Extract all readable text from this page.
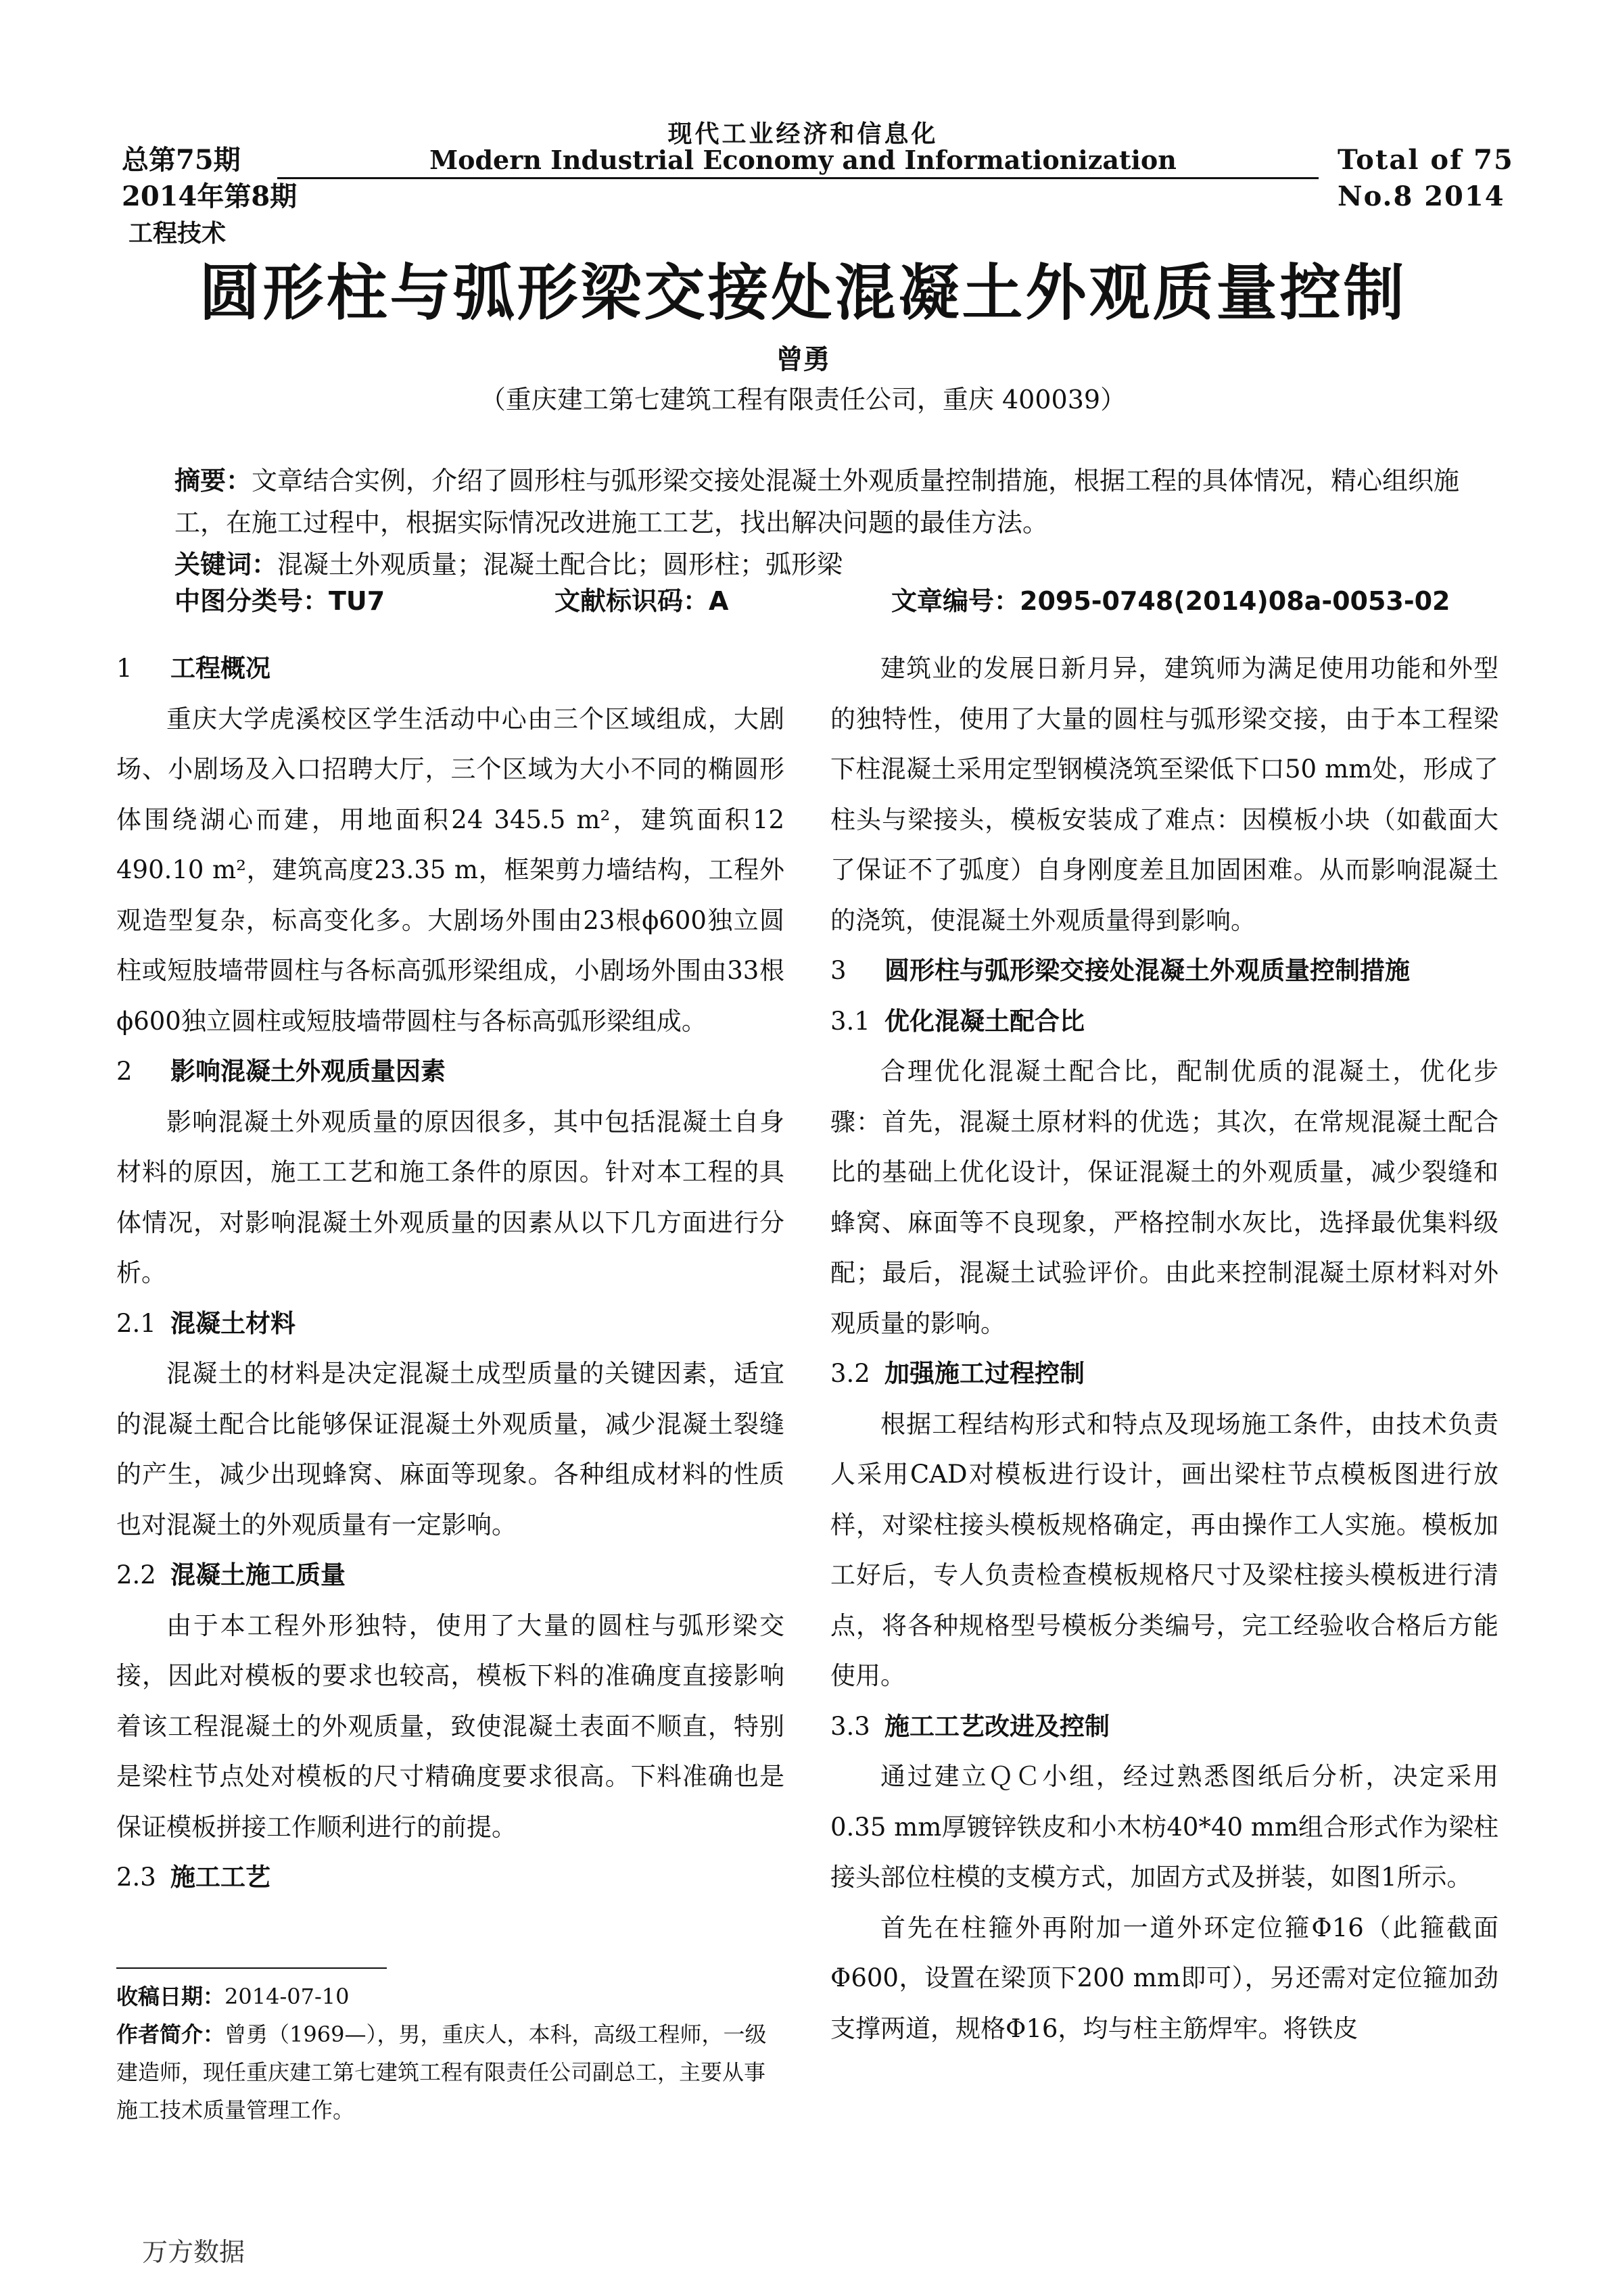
现代工业经济和信息化
Modern Industrial Economy and Informationization
总第75期
2014年第8期
工程技术
Total of 75
No.8 2014
圆形柱与弧形梁交接处混凝土外观质量控制
曾勇
（重庆建工第七建筑工程有限责任公司，重庆 400039）
摘要：文章结合实例，介绍了圆形柱与弧形梁交接处混凝土外观质量控制措施，根据工程的具体情况，精心组织施工，在施工过程中，根据实际情况改进施工工艺，找出解决问题的最佳方法。
关键词：混凝土外观质量；混凝土配合比；圆形柱；弧形梁
中图分类号：TU7	文献标识码：A	文章编号：2095-0748(2014)08a-0053-02
1 工程概况

重庆大学虎溪校区学生活动中心由三个区域组成，大剧场、小剧场及入口招聘大厅，三个区域为大小不同的椭圆形体围绕湖心而建，用地面积24 345.5 m²，建筑面积12 490.10 m²，建筑高度23.35 m，框架剪力墙结构，工程外观造型复杂，标高变化多。大剧场外围由23根ϕ600独立圆柱或短肢墙带圆柱与各标高弧形梁组成，小剧场外围由33根ϕ600独立圆柱或短肢墙带圆柱与各标高弧形梁组成。

2 影响混凝土外观质量因素

影响混凝土外观质量的原因很多，其中包括混凝土自身材料的原因，施工工艺和施工条件的原因。针对本工程的具体情况，对影响混凝土外观质量的因素从以下几方面进行分析。

2.1 混凝土材料

混凝土的材料是决定混凝土成型质量的关键因素，适宜的混凝土配合比能够保证混凝土外观质量，减少混凝土裂缝的产生，减少出现蜂窝、麻面等现象。各种组成材料的性质也对混凝土的外观质量有一定影响。

2.2 混凝土施工质量

由于本工程外形独特，使用了大量的圆柱与弧形梁交接，因此对模板的要求也较高，模板下料的准确度直接影响着该工程混凝土的外观质量，致使混凝土表面不顺直，特别是梁柱节点处对模板的尺寸精确度要求很高。下料准确也是保证模板拼接工作顺利进行的前提。

2.3 施工工艺

建筑业的发展日新月异，建筑师为满足使用功能和外型的独特性，使用了大量的圆柱与弧形梁交接，由于本工程梁下柱混凝土采用定型钢模浇筑至梁低下口50 mm处，形成了柱头与梁接头，模板安装成了难点：因模板小块（如截面大了保证不了弧度）自身刚度差且加固困难。从而影响混凝土的浇筑，使混凝土外观质量得到影响。

3 圆形柱与弧形梁交接处混凝土外观质量控制措施
3.1 优化混凝土配合比

合理优化混凝土配合比，配制优质的混凝土，优化步骤：首先，混凝土原材料的优选；其次，在常规混凝土配合比的基础上优化设计，保证混凝土的外观质量，减少裂缝和蜂窝、麻面等不良现象，严格控制水灰比，选择最优集料级配；最后，混凝土试验评价。由此来控制混凝土原材料对外观质量的影响。

3.2 加强施工过程控制

根据工程结构形式和特点及现场施工条件，由技术负责人采用CAD对模板进行设计，画出梁柱节点模板图进行放样，对梁柱接头模板规格确定，再由操作工人实施。模板加工好后，专人负责检查模板规格尺寸及梁柱接头模板进行清点，将各种规格型号模板分类编号，完工经验收合格后方能使用。

3.3 施工工艺改进及控制

通过建立ＱＣ小组，经过熟悉图纸后分析，决定采用0.35 mm厚镀锌铁皮和小木枋40*40 mm组合形式作为梁柱接头部位柱模的支模方式，加固方式及拼装，如图1所示。

首先在柱箍外再附加一道外环定位箍Φ16（此箍截面Φ600，设置在梁顶下200 mm即可），另还需对定位箍加劲支撑两道，规格Φ16，均与柱主筋焊牢。将铁皮

收稿日期：2014-07-10
作者简介：曾勇（1969—），男，重庆人，本科，高级工程师，一级建造师，现任重庆建工第七建筑工程有限责任公司副总工，主要从事施工技术质量管理工作。
万方数据
